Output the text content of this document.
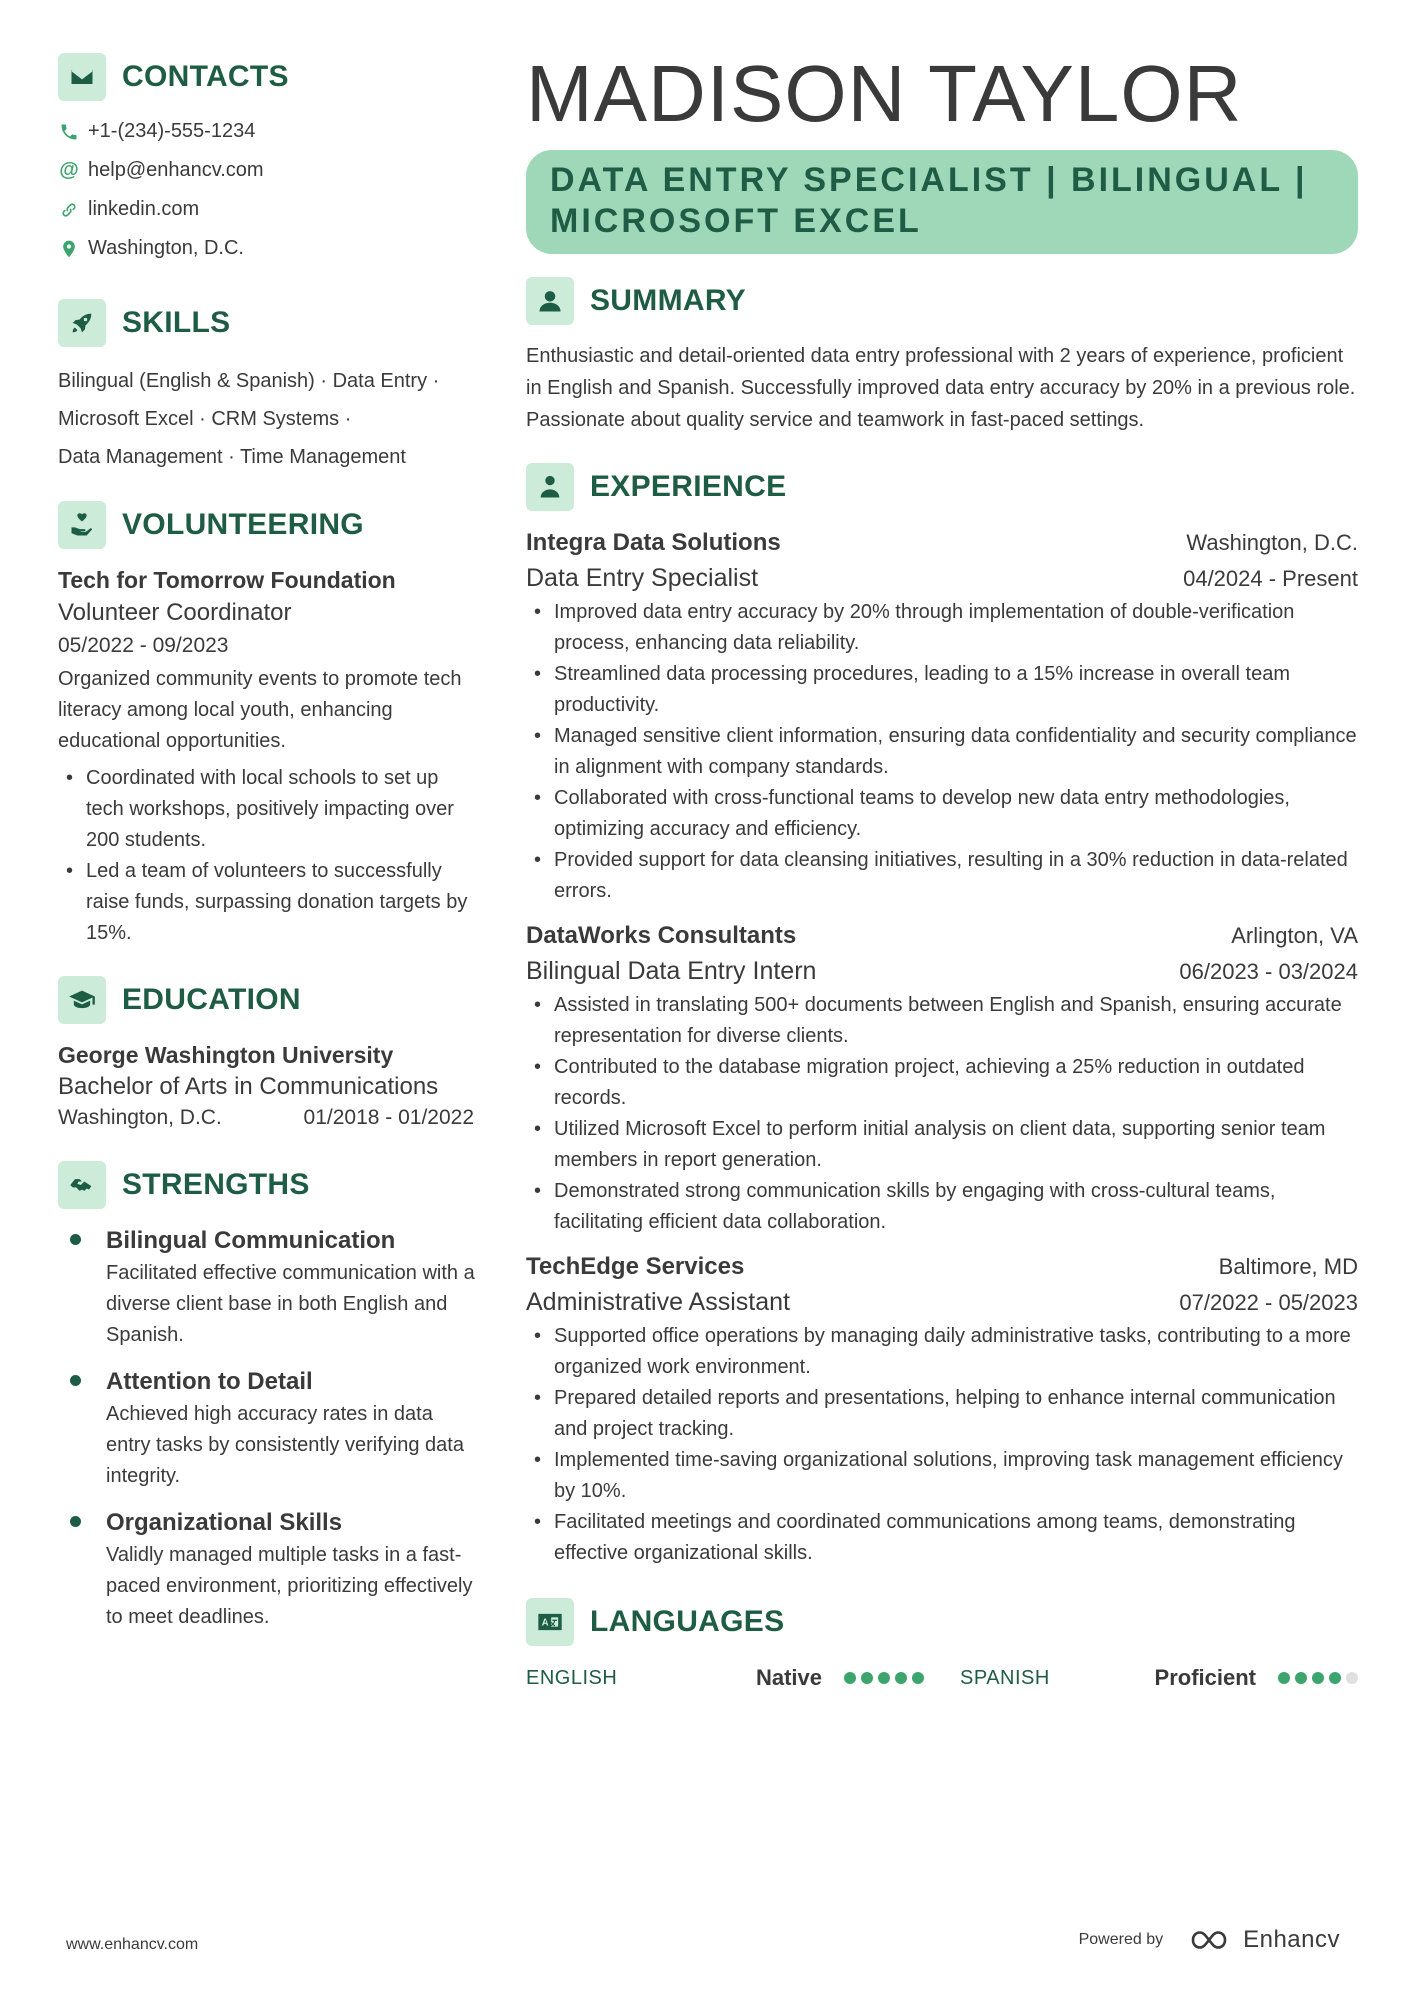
CONTACTS
+1-(234)-555-1234
@ help@enhancv.com
linkedin.com
Washington, D.C.
SKILLS
Bilingual (English & Spanish) · Data Entry ·
Microsoft Excel · CRM Systems ·
Data Management · Time Management
VOLUNTEERING
Tech for Tomorrow Foundation
Volunteer Coordinator
05/2022 - 09/2023
Organized community events to promote tech literacy among local youth, enhancing educational opportunities.
• Coordinated with local schools to set up tech workshops, positively impacting over 200 students.
• Led a team of volunteers to successfully raise funds, surpassing donation targets by 15%.
EDUCATION
George Washington University
Bachelor of Arts in Communications
Washington, D.C.	01/2018 - 01/2022
STRENGTHS
Bilingual Communication
Facilitated effective communication with a diverse client base in both English and Spanish.
Attention to Detail
Achieved high accuracy rates in data entry tasks by consistently verifying data integrity.
Organizational Skills
Validly managed multiple tasks in a fast-paced environment, prioritizing effectively to meet deadlines.
MADISON TAYLOR
DATA ENTRY SPECIALIST | BILINGUAL | MICROSOFT EXCEL
SUMMARY
Enthusiastic and detail-oriented data entry professional with 2 years of experience, proficient in English and Spanish. Successfully improved data entry accuracy by 20% in a previous role. Passionate about quality service and teamwork in fast-paced settings.
EXPERIENCE
Integra Data Solutions	Washington, D.C.
Data Entry Specialist	04/2024 - Present
• Improved data entry accuracy by 20% through implementation of double-verification process, enhancing data reliability.
• Streamlined data processing procedures, leading to a 15% increase in overall team productivity.
• Managed sensitive client information, ensuring data confidentiality and security compliance in alignment with company standards.
• Collaborated with cross-functional teams to develop new data entry methodologies, optimizing accuracy and efficiency.
• Provided support for data cleansing initiatives, resulting in a 30% reduction in data-related errors.
DataWorks Consultants	Arlington, VA
Bilingual Data Entry Intern	06/2023 - 03/2024
• Assisted in translating 500+ documents between English and Spanish, ensuring accurate representation for diverse clients.
• Contributed to the database migration project, achieving a 25% reduction in outdated records.
• Utilized Microsoft Excel to perform initial analysis on client data, supporting senior team members in report generation.
• Demonstrated strong communication skills by engaging with cross-cultural teams, facilitating efficient data collaboration.
TechEdge Services	Baltimore, MD
Administrative Assistant	07/2022 - 05/2023
• Supported office operations by managing daily administrative tasks, contributing to a more organized work environment.
• Prepared detailed reports and presentations, helping to enhance internal communication and project tracking.
• Implemented time-saving organizational solutions, improving task management efficiency by 10%.
• Facilitated meetings and coordinated communications among teams, demonstrating effective organizational skills.
LANGUAGES
ENGLISH	Native	SPANISH	Proficient
www.enhancv.com	Powered by	Enhancv
